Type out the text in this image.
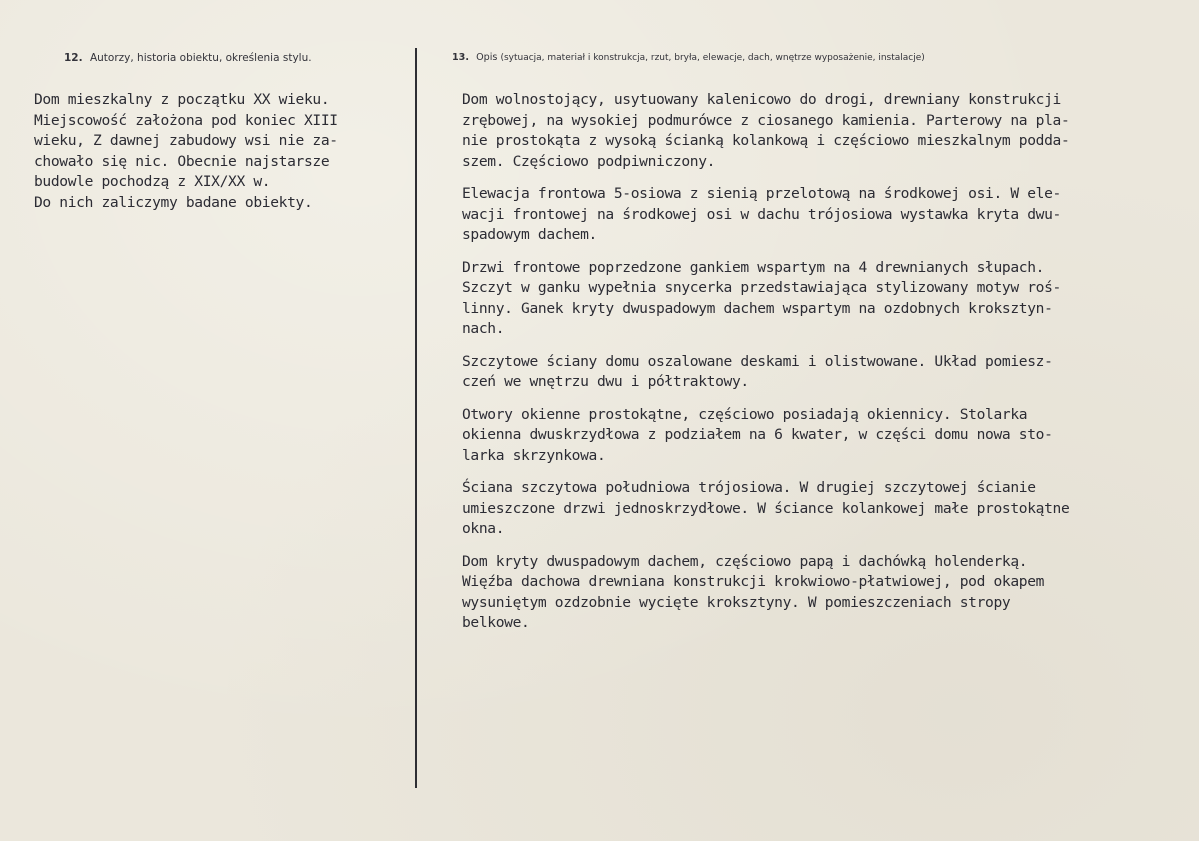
12. Autorzy, historia obiektu, określenia stylu.	13. Opis (sytuacja, materiał i konstrukcja, rzut, bryła, elewacje, dach, wnętrze wyposażenie, instalacje)
Dom mieszkalny z początku XX wieku.
Miejscowość założona pod koniec XIII
wieku, Z dawnej zabudowy wsi nie za-
chowało się nic. Obecnie najstarsze
budowle pochodzą z XIX/XX w.
Do nich zaliczymy badane obiekty.
Dom wolnostojący, usytuowany kalenicowo do drogi, drewniany konstrukcji
zrębowej, na wysokiej podmurówce z ciosanego kamienia. Parterowy na pla-
nie prostokąta z wysoką ścianką kolankową i częściowo mieszkalnym podda-
szem. Częściowo podpiwniczony.
Elewacja frontowa 5-osiowa z sienią przelotową na środkowej osi. W ele-
wacji frontowej na środkowej osi w dachu trójosiowa wystawka kryta dwu-
spadowym dachem.
Drzwi frontowe poprzedzone gankiem wspartym na 4 drewnianych słupach.
Szczyt w ganku wypełnia snycerka przedstawiająca stylizowany motyw roś-
linny. Ganek kryty dwuspadowym dachem wspartym na ozdobnych kroksztyn-
nach.
Szczytowe ściany domu oszalowane deskami i olistwowane. Układ pomiesz-
czeń we wnętrzu dwu i półtraktowy.
Otwory okienne prostokątne, częściowo posiadają okiennicy. Stolarka
okienna dwuskrzydłowa z podziałem na 6 kwater, w części domu nowa sto-
larka skrzynkowa.
Ściana szczytowa południowa trójosiowa. W drugiej szczytowej ścianie
umieszczone drzwi jednoskrzydłowe. W ściance kolankowej małe prostokątne
okna.
Dom kryty dwuspadowym dachem, częściowo papą i dachówką holenderką.
Więźba dachowa drewniana konstrukcji krokwiowo-płatwiowej, pod okapem
wysuniętym ozdzobnie wycięte kroksztyny. W pomieszczeniach stropy
belkowe.
